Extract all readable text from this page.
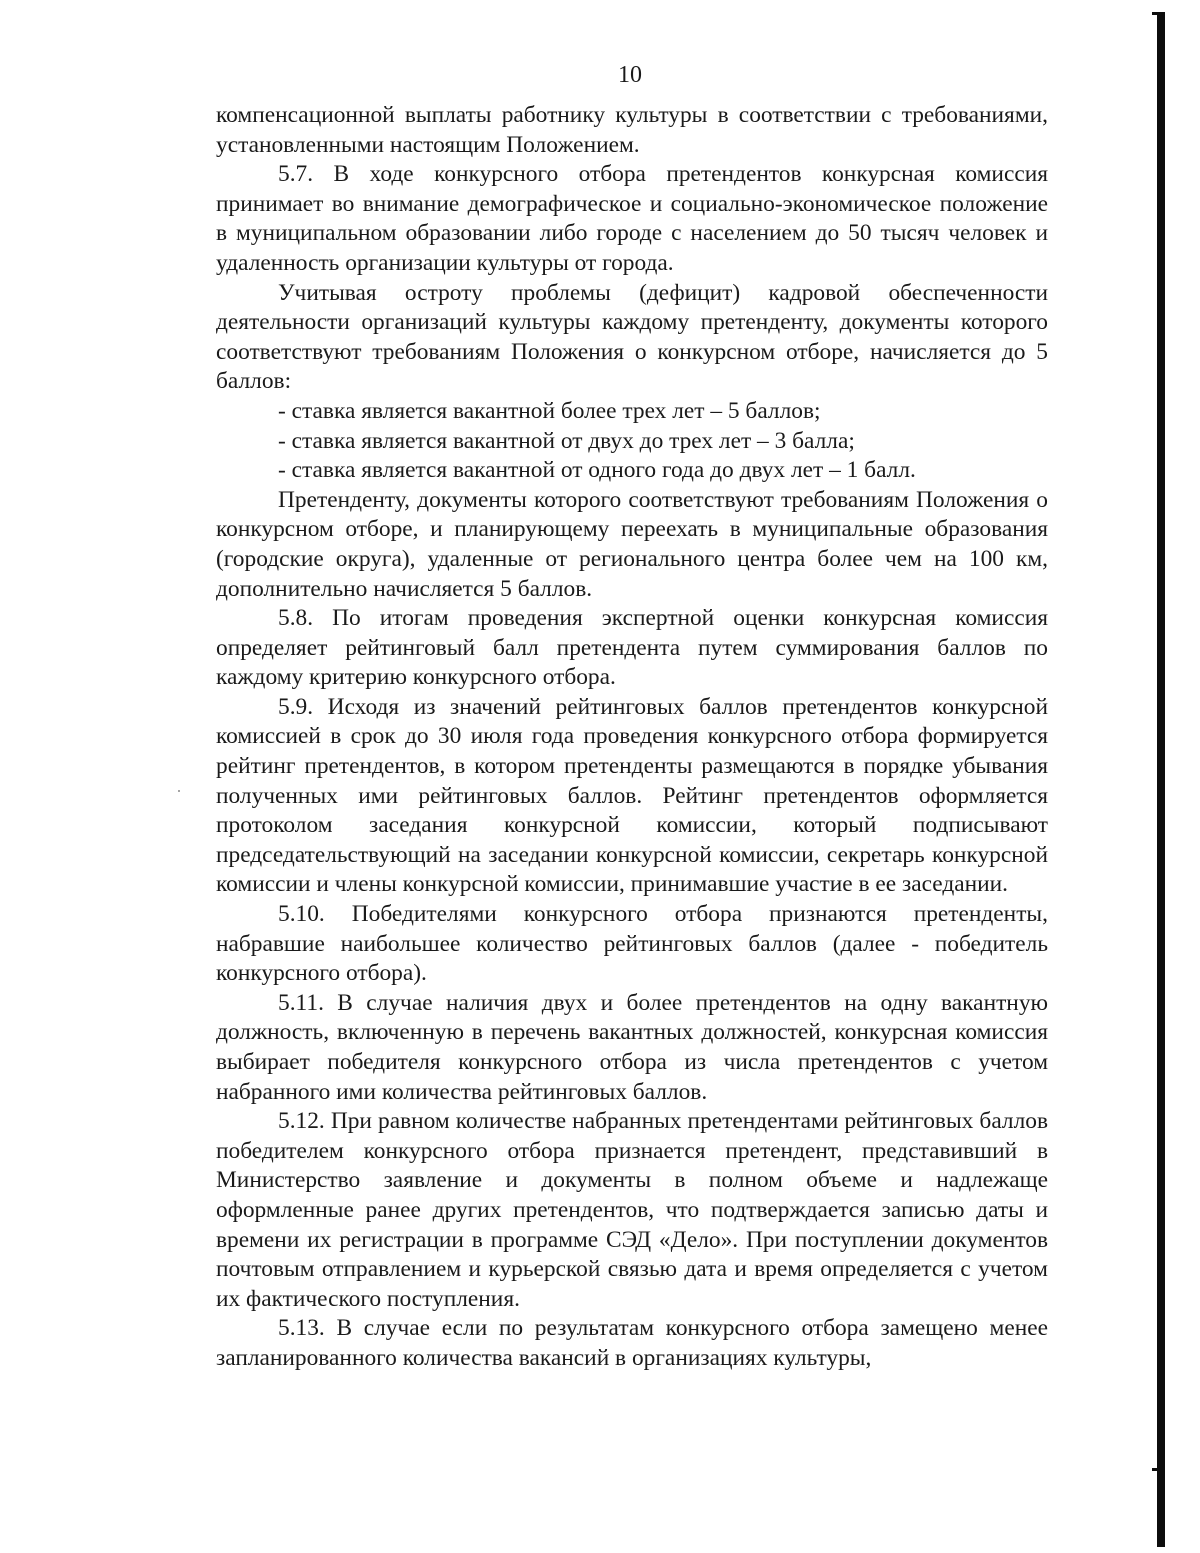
10

компенсационной выплаты работнику культуры в соответствии с требованиями, установленными настоящим Положением.

5.7. В ходе конкурсного отбора претендентов конкурсная комиссия принимает во внимание демографическое и социально-экономическое положение в муниципальном образовании либо городе с населением до 50 тысяч человек и удаленность организации культуры от города.

Учитывая остроту проблемы (дефицит) кадровой обеспеченности деятельности организаций культуры каждому претенденту, документы которого соответствуют требованиям Положения о конкурсном отборе, начисляется до 5 баллов:

- ставка является вакантной более трех лет – 5 баллов;

- ставка является вакантной от двух до трех лет – 3 балла;

- ставка является вакантной от одного года до двух лет – 1 балл.

Претенденту, документы которого соответствуют требованиям Положения о конкурсном отборе, и планирующему переехать в муниципальные образования (городские округа), удаленные от регионального центра более чем на 100 км, дополнительно начисляется 5 баллов.

5.8. По итогам проведения экспертной оценки конкурсная комиссия определяет рейтинговый балл претендента путем суммирования баллов по каждому критерию конкурсного отбора.

5.9. Исходя из значений рейтинговых баллов претендентов конкурсной комиссией в срок до 30 июля года проведения конкурсного отбора формируется рейтинг претендентов, в котором претенденты размещаются в порядке убывания полученных ими рейтинговых баллов. Рейтинг претендентов оформляется протоколом заседания конкурсной комиссии, который подписывают председательствующий на заседании конкурсной комиссии, секретарь конкурсной комиссии и члены конкурсной комиссии, принимавшие участие в ее заседании.

5.10. Победителями конкурсного отбора признаются претенденты, набравшие наибольшее количество рейтинговых баллов (далее - победитель конкурсного отбора).

5.11. В случае наличия двух и более претендентов на одну вакантную должность, включенную в перечень вакантных должностей, конкурсная комиссия выбирает победителя конкурсного отбора из числа претендентов с учетом набранного ими количества рейтинговых баллов.

5.12. При равном количестве набранных претендентами рейтинговых баллов победителем конкурсного отбора признается претендент, представивший в Министерство заявление и документы в полном объеме и надлежаще оформленные ранее других претендентов, что подтверждается записью даты и времени их регистрации в программе СЭД «Дело». При поступлении документов почтовым отправлением и курьерской связью дата и время определяется с учетом их фактического поступления.

5.13. В случае если по результатам конкурсного отбора замещено менее запланированного количества вакансий в организациях культуры,
